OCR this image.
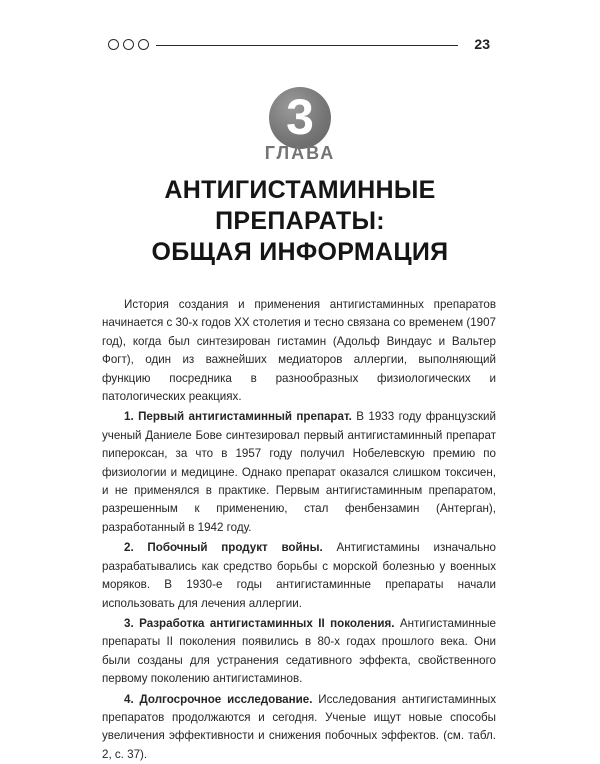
23
3
ГЛАВА
АНТИГИСТАМИННЫЕ
ПРЕПАРАТЫ:
ОБЩАЯ ИНФОРМАЦИЯ

История создания и применения антигистаминных препаратов начинается с 30-х годов XX столетия и тесно связана со временем (1907 год), когда был синтезирован гистамин (Адольф Виндаус и Вальтер Фогт), один из важнейших медиаторов аллергии, выполняющий функцию посредника в разнообразных физиологических и патологических реакциях.

1. Первый антигистаминный препарат. В 1933 году французский ученый Даниеле Бове синтезировал первый антигистаминный препарат пипероксан, за что в 1957 году получил Нобелевскую премию по физиологии и медицине. Однако препарат оказался слишком токсичен, и не применялся в практике. Первым антигистаминным препаратом, разрешенным к применению, стал фенбензамин (Антерган), разработанный в 1942 году.

2. Побочный продукт войны. Антигистамины изначально разрабатывались как средство борьбы с морской болезнью у военных моряков. В 1930-е годы антигистаминные препараты начали использовать для лечения аллергии.

3. Разработка антигистаминных II поколения. Антигистаминные препараты II поколения появились в 80-х годах прошлого века. Они были созданы для устранения седативного эффекта, свойственного первому поколению антигистаминов.

4. Долгосрочное исследование. Исследования антигистаминных препаратов продолжаются и сегодня. Ученые ищут новые способы увеличения эффективности и снижения побочных эффектов. (см. табл. 2, с. 37).
